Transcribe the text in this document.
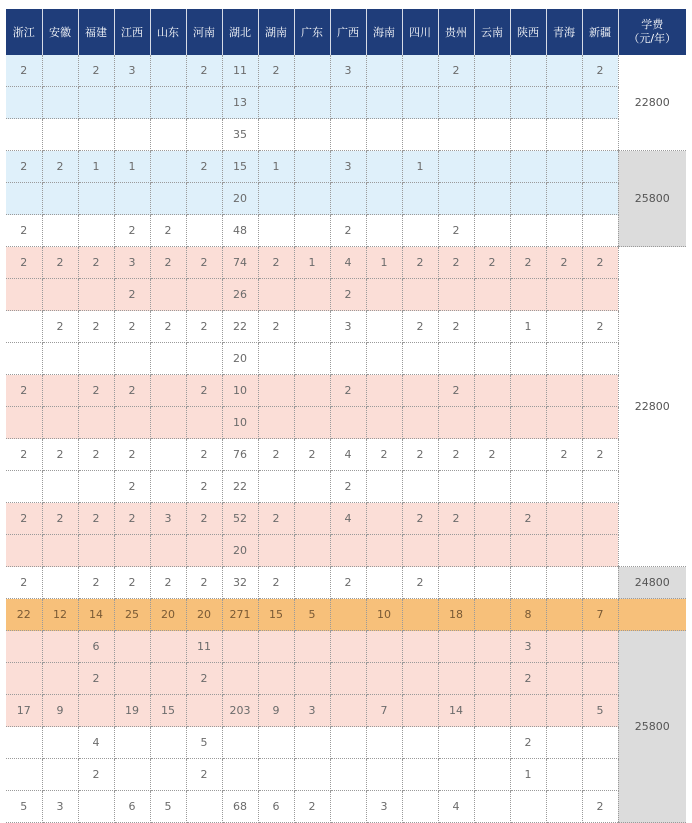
浙江	安徽	福建	江西	山东	河南	湖北	湖南	广东	广西	海南	四川	贵州	云南	陕西	青海	新疆	学费
（元/年）
2		2	3		2	11	2		3			2				2	22800
						13											
						35											
2	2	1	1		2	15	1		3		1						25800
						20											
2			2	2		48			2			2					
2	2	2	3	2	2	74	2	1	4	1	2	2	2	2	2	2	22800
			2			26			2								
	2	2	2	2	2	22	2		3		2	2		1		2	
						20											
2		2	2		2	10			2			2					
						10											
2	2	2	2		2	76	2	2	4	2	2	2	2		2	2	
			2		2	22			2								
2	2	2	2	3	2	52	2		4		2	2		2			
						20											
2		2	2	2	2	32	2		2		2						24800
22	12	14	25	20	20	271	15	5		10		18		8		7	
		6			11									3			25800
		2			2									2			
17	9		19	15		203	9	3		7		14				5	
		4			5									2			
		2			2									1			
5	3		6	5		68	6	2		3		4				2	
